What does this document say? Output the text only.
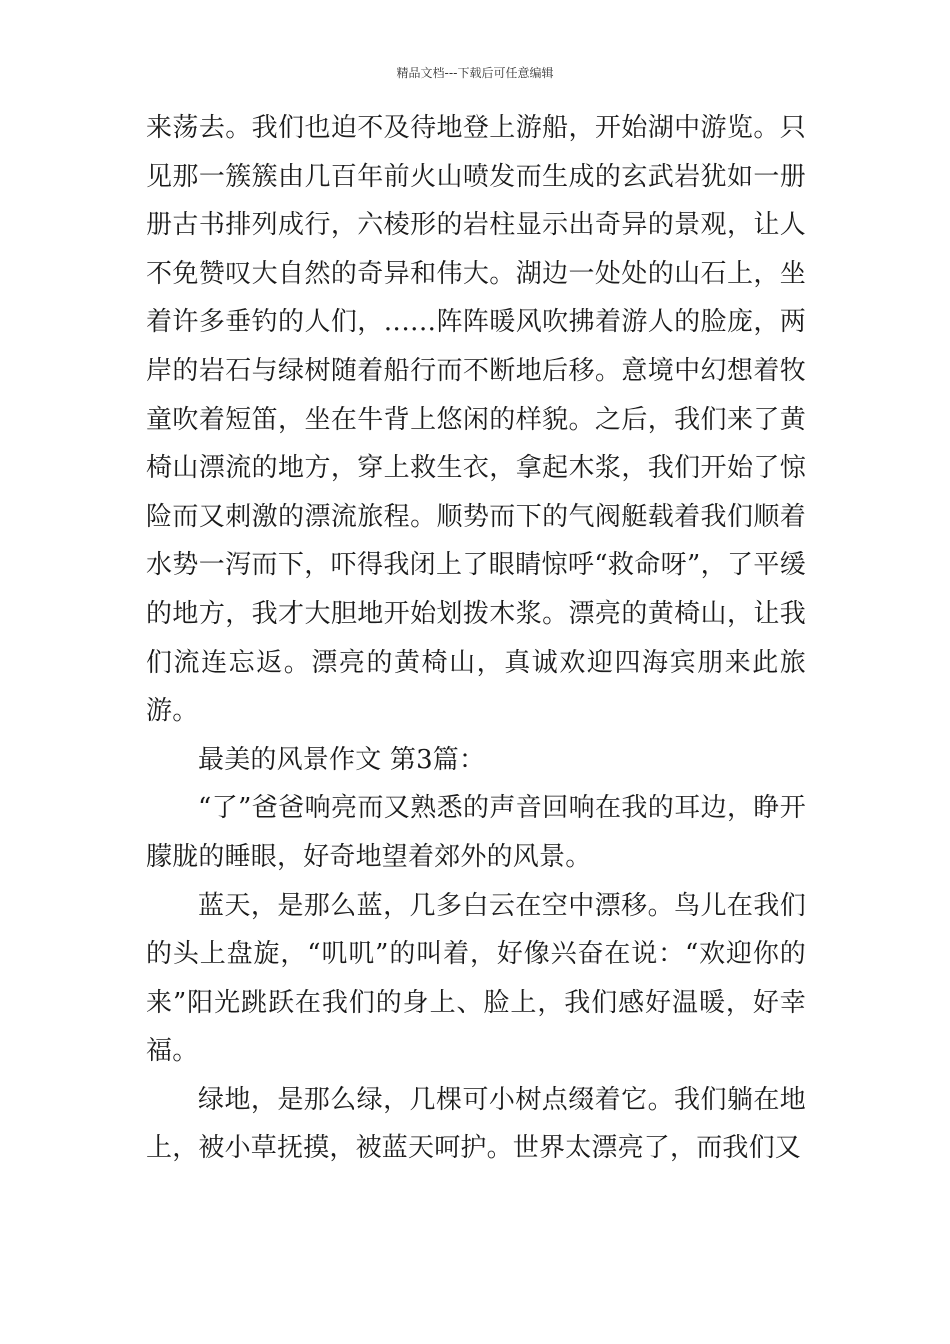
精品文档---下载后可任意编辑

来荡去。我们也迫不及待地登上游船，开始湖中游览。只见那一簇簇由几百年前火山喷发而生成的玄武岩犹如一册册古书排列成行，六棱形的岩柱显示出奇异的景观，让人不免赞叹大自然的奇异和伟大。湖边一处处的山石上，坐着许多垂钓的人们，‥‥‥阵阵暖风吹拂着游人的脸庞，两岸的岩石与绿树随着船行而不断地后移。意境中幻想着牧童吹着短笛，坐在牛背上悠闲的样貌。之后，我们来了黄椅山漂流的地方，穿上救生衣，拿起木浆，我们开始了惊险而又刺激的漂流旅程。顺势而下的气阀艇载着我们顺着水势一泻而下，吓得我闭上了眼睛惊呼“救命呀”，了平缓的地方，我才大胆地开始划拨木浆。漂亮的黄椅山，让我们流连忘返。漂亮的黄椅山，真诚欢迎四海宾朋来此旅游。

最美的风景作文 第3篇：

“了”爸爸响亮而又熟悉的声音回响在我的耳边，睁开朦胧的睡眼，好奇地望着郊外的风景。

蓝天，是那么蓝，几多白云在空中漂移。鸟儿在我们的头上盘旋，“叽叽”的叫着，好像兴奋在说：“欢迎你的来”阳光跳跃在我们的身上、脸上，我们感好温暖，好幸福。

绿地，是那么绿，几棵可小树点缀着它。我们躺在地上，被小草抚摸，被蓝天呵护。世界太漂亮了，而我们又
